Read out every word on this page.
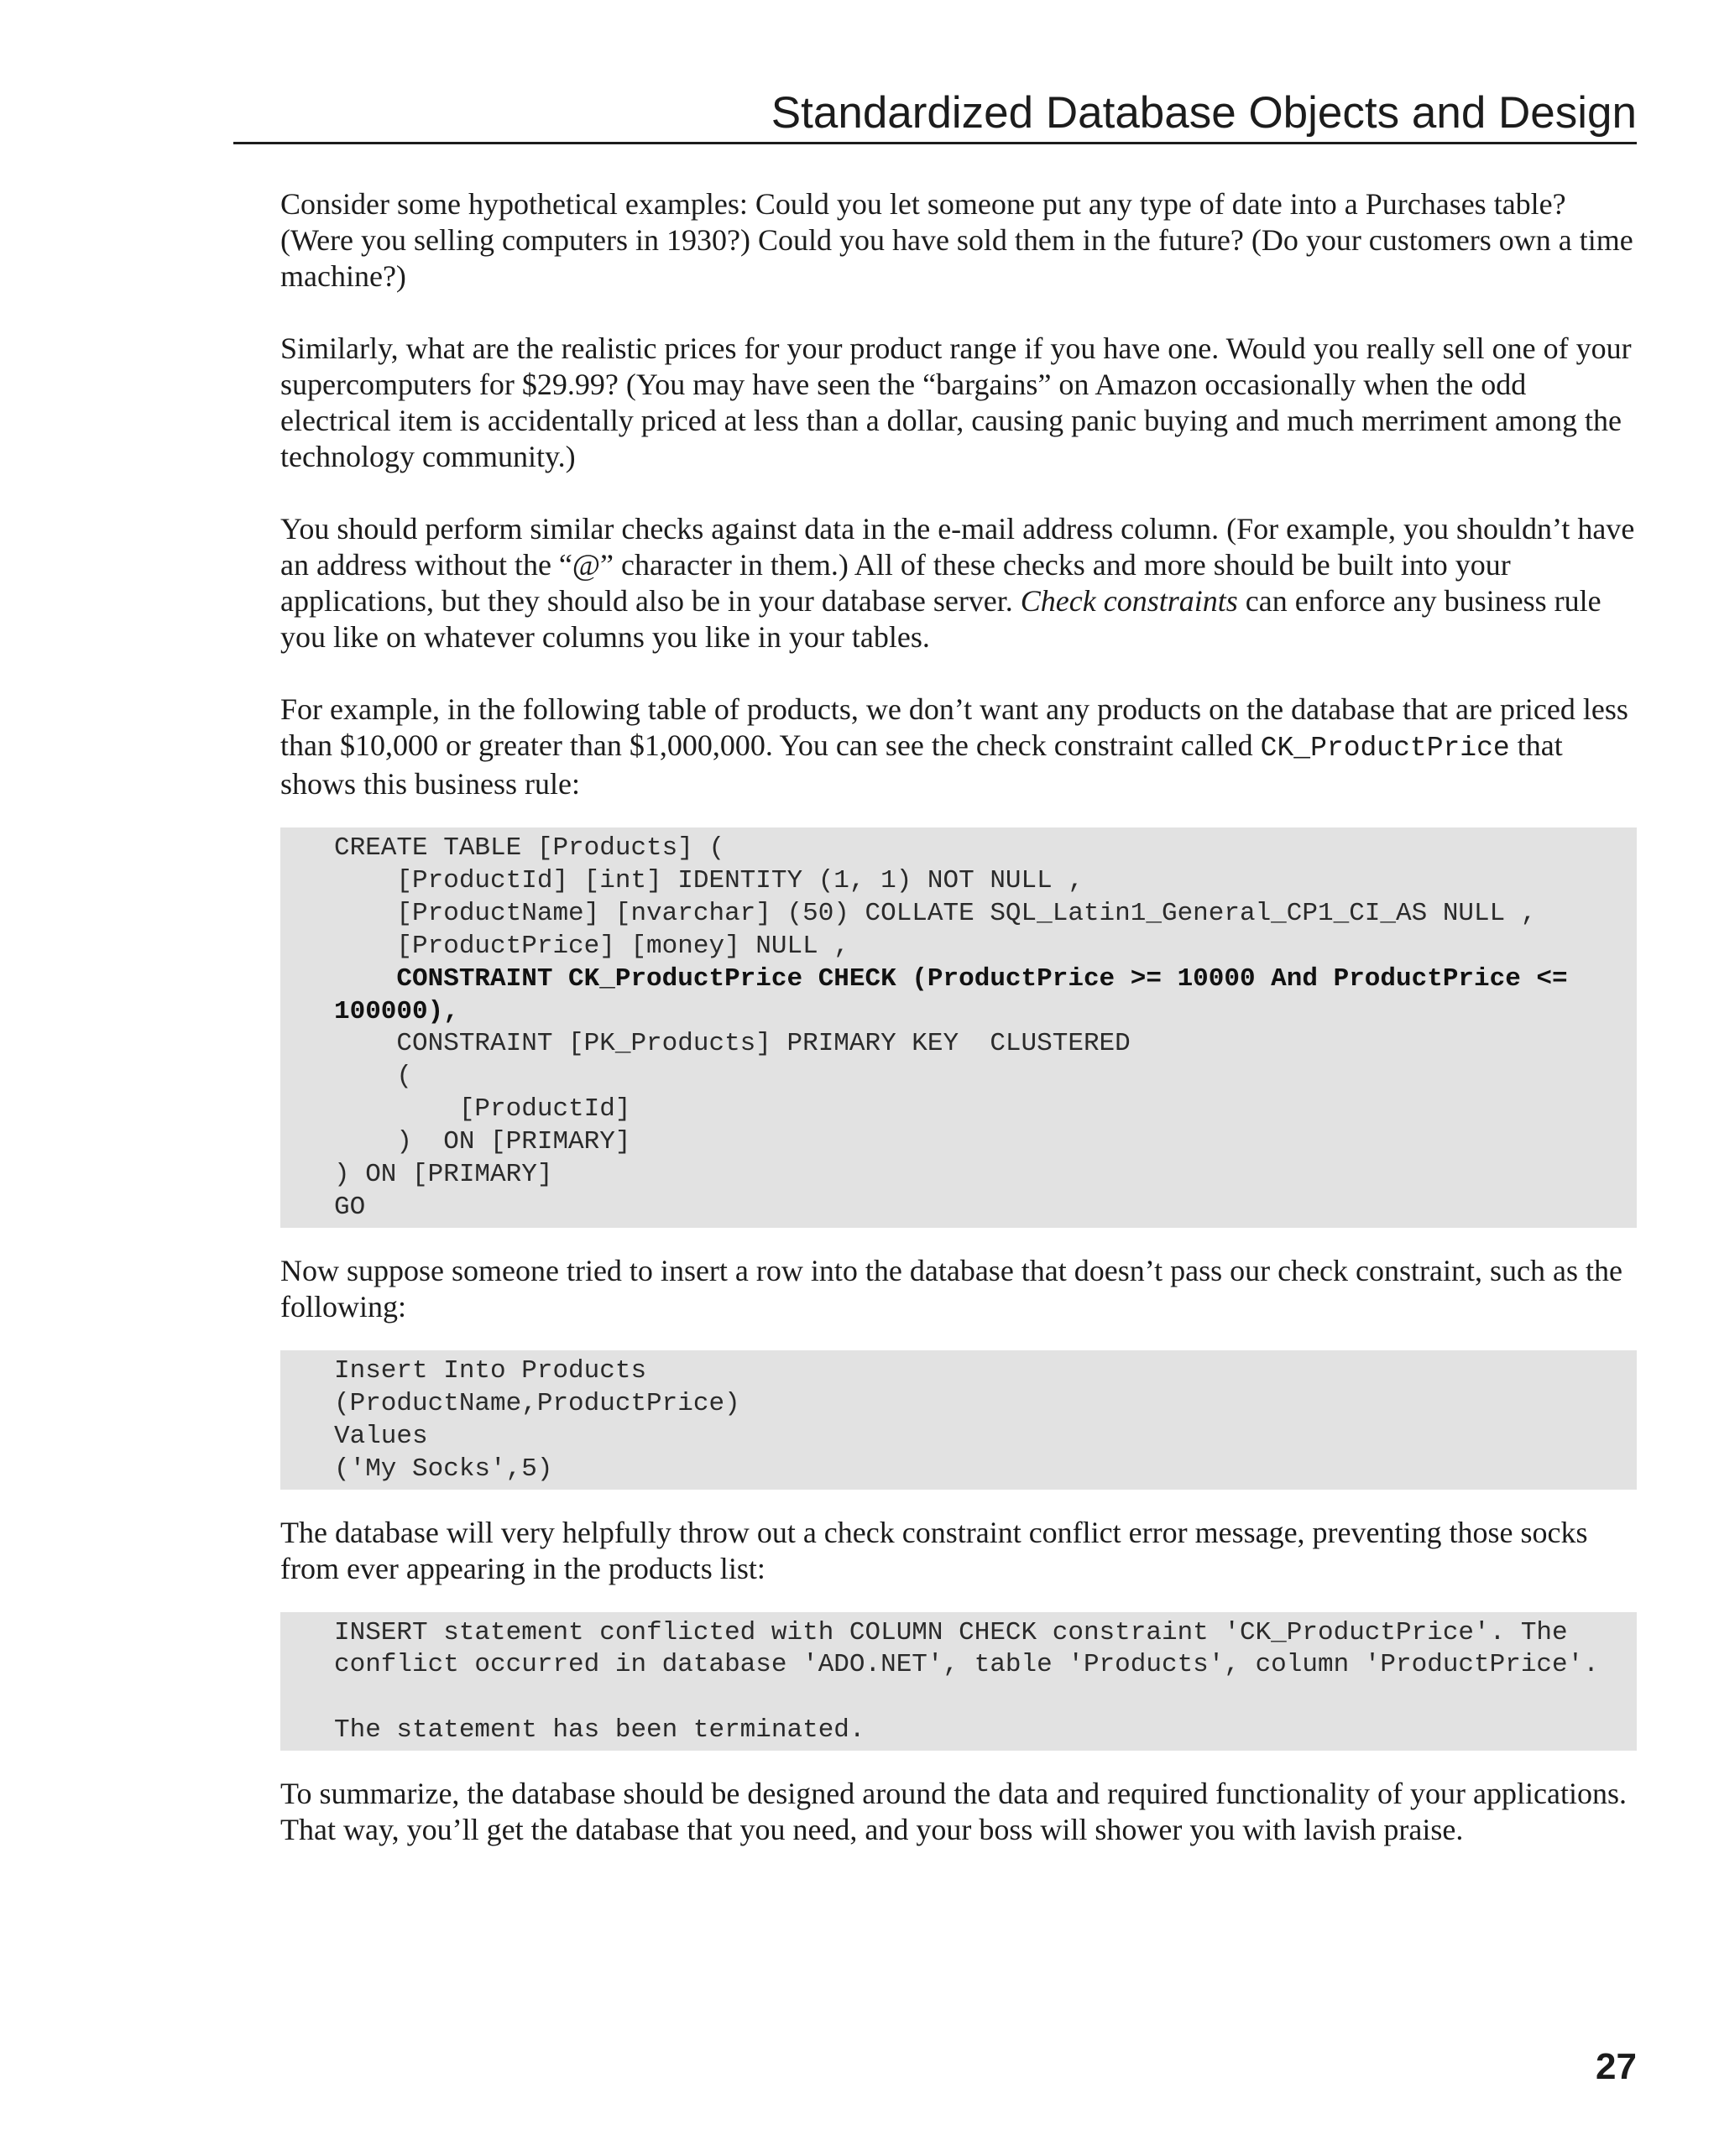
Standardized Database Objects and Design

Consider some hypothetical examples: Could you let someone put any type of date into a Purchases table? (Were you selling computers in 1930?) Could you have sold them in the future? (Do your customers own a time machine?)

Similarly, what are the realistic prices for your product range if you have one. Would you really sell one of your supercomputers for $29.99? (You may have seen the “bargains” on Amazon occasionally when the odd electrical item is accidentally priced at less than a dollar, causing panic buying and much merriment among the technology community.)

You should perform similar checks against data in the e-mail address column. (For example, you shouldn’t have an address without the “@” character in them.) All of these checks and more should be built into your applications, but they should also be in your database server. Check constraints can enforce any business rule you like on whatever columns you like in your tables.

For example, in the following table of products, we don’t want any products on the database that are priced less than $10,000 or greater than $1,000,000. You can see the check constraint called CK_ProductPrice that shows this business rule:

CREATE TABLE [Products] (
[ProductId] [int] IDENTITY (1, 1) NOT NULL ,
[ProductName] [nvarchar] (50) COLLATE SQL_Latin1_General_CP1_CI_AS NULL ,
[ProductPrice] [money] NULL ,
CONSTRAINT CK_ProductPrice CHECK (ProductPrice >= 10000 And ProductPrice <=
100000),
CONSTRAINT [PK_Products] PRIMARY KEY  CLUSTERED
(
[ProductId]
)  ON [PRIMARY]
) ON [PRIMARY]
GO

Now suppose someone tried to insert a row into the database that doesn’t pass our check constraint, such as the following:

Insert Into Products
(ProductName,ProductPrice)
Values
('My Socks',5)

The database will very helpfully throw out a check constraint conflict error message, preventing those socks from ever appearing in the products list:

INSERT statement conflicted with COLUMN CHECK constraint 'CK_ProductPrice'. The
conflict occurred in database 'ADO.NET', table 'Products', column 'ProductPrice'.
The statement has been terminated.

To summarize, the database should be designed around the data and required functionality of your applications. That way, you’ll get the database that you need, and your boss will shower you with lavish praise.

27
